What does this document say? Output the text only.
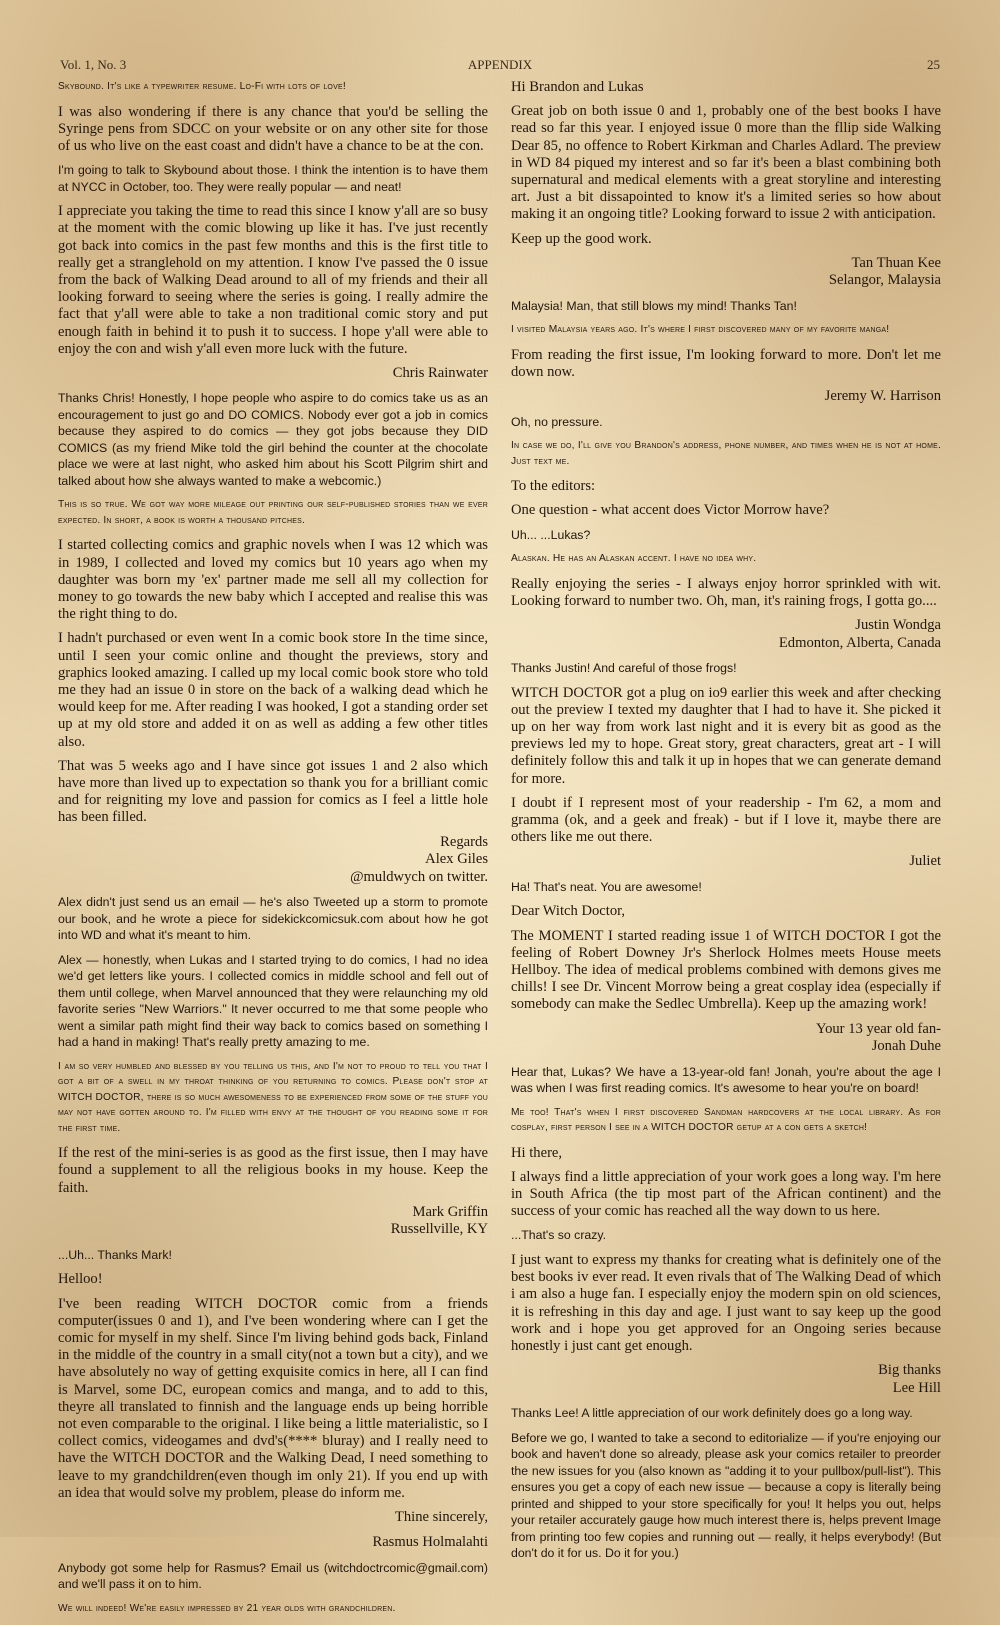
Vol. 1, No. 3	APPENDIX	25

Skybound. It's like a typewriter resume. Lo-Fi with lots of love!

I was also wondering if there is any chance that you'd be selling the Syringe pens from SDCC on your website or on any other site for those of us who live on the east coast and didn't have a chance to be at the con.

I'm going to talk to Skybound about those. I think the intention is to have them at NYCC in October, too. They were really popular — and neat!

I appreciate you taking the time to read this since I know y'all are so busy at the moment with the comic blowing up like it has. I've just recently got back into comics in the past few months and this is the first title to really get a stranglehold on my attention. I know I've passed the 0 issue from the back of Walking Dead around to all of my friends and their all looking forward to seeing where the series is going. I really admire the fact that y'all were able to take a non traditional comic story and put enough faith in behind it to push it to success. I hope y'all were able to enjoy the con and wish y'all even more luck with the future.

Chris Rainwater

Thanks Chris! Honestly, I hope people who aspire to do comics take us as an encouragement to just go and DO COMICS. Nobody ever got a job in comics because they aspired to do comics — they got jobs because they DID COMICS (as my friend Mike told the girl behind the counter at the chocolate place we were at last night, who asked him about his Scott Pilgrim shirt and talked about how she always wanted to make a webcomic.)

This is so true. We got way more mileage out printing our self-published stories than we ever expected. In short, a book is worth a thousand pitches.

I started collecting comics and graphic novels when I was 12 which was in 1989, I collected and loved my comics but 10 years ago when my daughter was born my 'ex' partner made me sell all my collection for money to go towards the new baby which I accepted and realise this was the right thing to do.

I hadn't purchased or even went In a comic book store In the time since, until I seen your comic online and thought the previews, story and graphics looked amazing. I called up my local comic book store who told me they had an issue 0 in store on the back of a walking dead which he would keep for me. After reading I was hooked, I got a standing order set up at my old store and added it on as well as adding a few other titles also.

That was 5 weeks ago and I have since got issues 1 and 2 also which have more than lived up to expectation so thank you for a brilliant comic and for reigniting my love and passion for comics as I feel a little hole has been filled.

Regards

Alex Giles

@muldwych on twitter.

Alex didn't just send us an email — he's also Tweeted up a storm to promote our book, and he wrote a piece for sidekickcomicsuk.com about how he got into WD and what it's meant to him.

Alex — honestly, when Lukas and I started trying to do comics, I had no idea we'd get letters like yours. I collected comics in middle school and fell out of them until college, when Marvel announced that they were relaunching my old favorite series "New Warriors." It never occurred to me that some people who went a similar path might find their way back to comics based on something I had a hand in making! That's really pretty amazing to me.

I am so very humbled and blessed by you telling us this, and I'm not to proud to tell you that I got a bit of a swell in my throat thinking of you returning to comics. Please don't stop at WITCH DOCTOR, there is so much awesomeness to be experienced from some of the stuff you may not have gotten around to. I'm filled with envy at the thought of you reading some it for the first time.

If the rest of the mini-series is as good as the first issue, then I may have found a supplement to all the religious books in my house. Keep the faith.

Mark Griffin

Russellville, KY

...Uh... Thanks Mark!

Helloo!

I've been reading WITCH DOCTOR comic from a friends computer(issues 0 and 1), and I've been wondering where can I get the comic for myself in my shelf. Since I'm living behind gods back, Finland in the middle of the country in a small city(not a town but a city), and we have absolutely no way of getting exquisite comics in here, all I can find is Marvel, some DC, european comics and manga, and to add to this, theyre all translated to finnish and the language ends up being horrible not even comparable to the original. I like being a little materialistic, so I collect comics, videogames and dvd's(**** bluray) and I really need to have the WITCH DOCTOR and the Walking Dead, I need something to leave to my grandchildren(even though im only 21). If you end up with an idea that would solve my problem, please do inform me.

Thine sincerely,

Rasmus Holmalahti

Anybody got some help for Rasmus? Email us (witchdoctrcomic@gmail.com) and we'll pass it on to him.

We will indeed! We're easily impressed by 21 year olds with grandchildren.

Hi Brandon and Lukas

Great job on both issue 0 and 1, probably one of the best books I have read so far this year. I enjoyed issue 0 more than the fllip side Walking Dear 85, no offence to Robert Kirkman and Charles Adlard. The preview in WD 84 piqued my interest and so far it's been a blast combining both supernatural and medical elements with a great storyline and interesting art. Just a bit dissapointed to know it's a limited series so how about making it an ongoing title? Looking forward to issue 2 with anticipation.

Keep up the good work.

Tan Thuan Kee

Selangor, Malaysia

Malaysia! Man, that still blows my mind! Thanks Tan!

I visited Malaysia years ago. It's where I first discovered many of my favorite manga!

From reading the first issue, I'm looking forward to more. Don't let me down now.

Jeremy W. Harrison

Oh, no pressure.

In case we do, I'll give you Brandon's address, phone number, and times when he is not at home. Just text me.

To the editors:

One question - what accent does Victor Morrow have?

Uh... ...Lukas?

Alaskan. He has an Alaskan accent. I have no idea why.

Really enjoying the series - I always enjoy horror sprinkled with wit. Looking forward to number two. Oh, man, it's raining frogs, I gotta go....

Justin Wondga

Edmonton, Alberta, Canada

Thanks Justin! And careful of those frogs!

WITCH DOCTOR got a plug on io9 earlier this week and after checking out the preview I texted my daughter that I had to have it. She picked it up on her way from work last night and it is every bit as good as the previews led my to hope. Great story, great characters, great art - I will definitely follow this and talk it up in hopes that we can generate demand for more.

I doubt if I represent most of your readership - I'm 62, a mom and gramma (ok, and a geek and freak) - but if I love it, maybe there are others like me out there.

Juliet

Ha! That's neat. You are awesome!

Dear Witch Doctor,

The MOMENT I started reading issue 1 of WITCH DOCTOR I got the feeling of Robert Downey Jr's Sherlock Holmes meets House meets Hellboy. The idea of medical problems combined with demons gives me chills! I see Dr. Vincent Morrow being a great cosplay idea (especially if somebody can make the Sedlec Umbrella). Keep up the amazing work!

Your 13 year old fan-

Jonah Duhe

Hear that, Lukas? We have a 13-year-old fan! Jonah, you're about the age I was when I was first reading comics. It's awesome to hear you're on board!

Me too! That's when I first discovered Sandman hardcovers at the local library. As for cosplay, first person I see in a WITCH DOCTOR getup at a con gets a sketch!

Hi there,

I always find a little appreciation of your work goes a long way. I'm here in South Africa (the tip most part of the African continent) and the success of your comic has reached all the way down to us here.

...That's so crazy.

I just want to express my thanks for creating what is definitely one of the best books iv ever read. It even rivals that of The Walking Dead of which i am also a huge fan. I especially enjoy the modern spin on old sciences, it is refreshing in this day and age. I just want to say keep up the good work and i hope you get approved for an Ongoing series because honestly i just cant get enough.

Big thanks

Lee Hill

Thanks Lee! A little appreciation of our work definitely does go a long way.

Before we go, I wanted to take a second to editorialize — if you're enjoying our book and haven't done so already, please ask your comics retailer to preorder the new issues for you (also known as "adding it to your pullbox/pull-list"). This ensures you get a copy of each new issue — because a copy is literally being printed and shipped to your store specifically for you! It helps you out, helps your retailer accurately gauge how much interest there is, helps prevent Image from printing too few copies and running out — really, it helps everybody! (But don't do it for us. Do it for you.)
